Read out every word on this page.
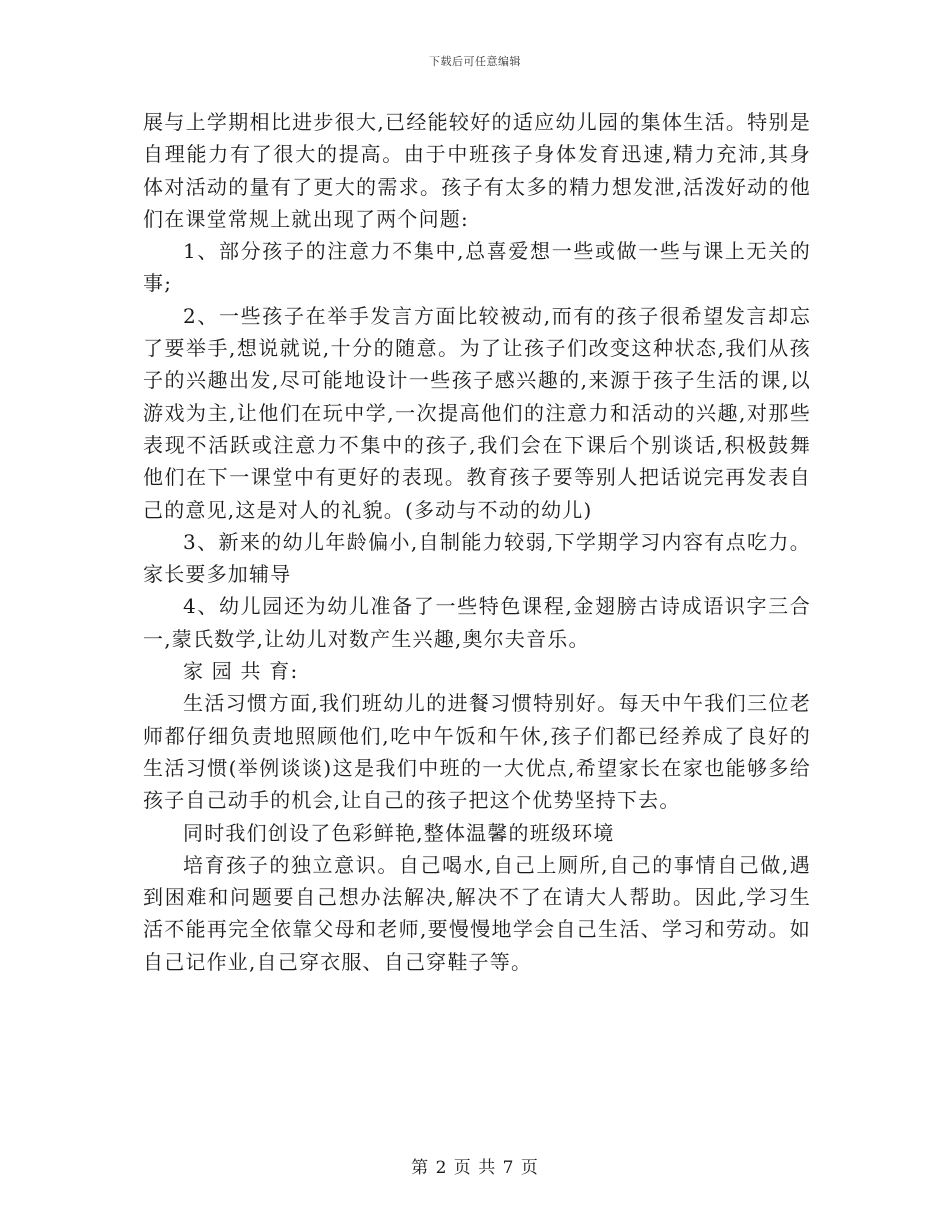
下载后可任意编辑

展与上学期相比进步很大,已经能较好的适应幼儿园的集体生活。特别是自理能力有了很大的提高。由于中班孩子身体发育迅速,精力充沛,其身体对活动的量有了更大的需求。孩子有太多的精力想发泄,活泼好动的他们在课堂常规上就出现了两个问题:

1、部分孩子的注意力不集中,总喜爱想一些或做一些与课上无关的事;

2、一些孩子在举手发言方面比较被动,而有的孩子很希望发言却忘了要举手,想说就说,十分的随意。为了让孩子们改变这种状态,我们从孩子的兴趣出发,尽可能地设计一些孩子感兴趣的,来源于孩子生活的课,以游戏为主,让他们在玩中学,一次提高他们的注意力和活动的兴趣,对那些表现不活跃或注意力不集中的孩子,我们会在下课后个别谈话,积极鼓舞他们在下一课堂中有更好的表现。教育孩子要等别人把话说完再发表自己的意见,这是对人的礼貌。(多动与不动的幼儿)

3、新来的幼儿年龄偏小,自制能力较弱,下学期学习内容有点吃力。家长要多加辅导

4、幼儿园还为幼儿准备了一些特色课程,金翅膀古诗成语识字三合一,蒙氏数学,让幼儿对数产生兴趣,奥尔夫音乐。

家 园 共 育:

生活习惯方面,我们班幼儿的进餐习惯特别好。每天中午我们三位老师都仔细负责地照顾他们,吃中午饭和午休,孩子们都已经养成了良好的生活习惯(举例谈谈)这是我们中班的一大优点,希望家长在家也能够多给孩子自己动手的机会,让自己的孩子把这个优势坚持下去。

同时我们创设了色彩鲜艳,整体温馨的班级环境

培育孩子的独立意识。自己喝水,自己上厕所,自己的事情自己做,遇到困难和问题要自己想办法解决,解决不了在请大人帮助。因此,学习生活不能再完全依靠父母和老师,要慢慢地学会自己生活、学习和劳动。如自己记作业,自己穿衣服、自己穿鞋子等。

第 2 页 共 7 页
